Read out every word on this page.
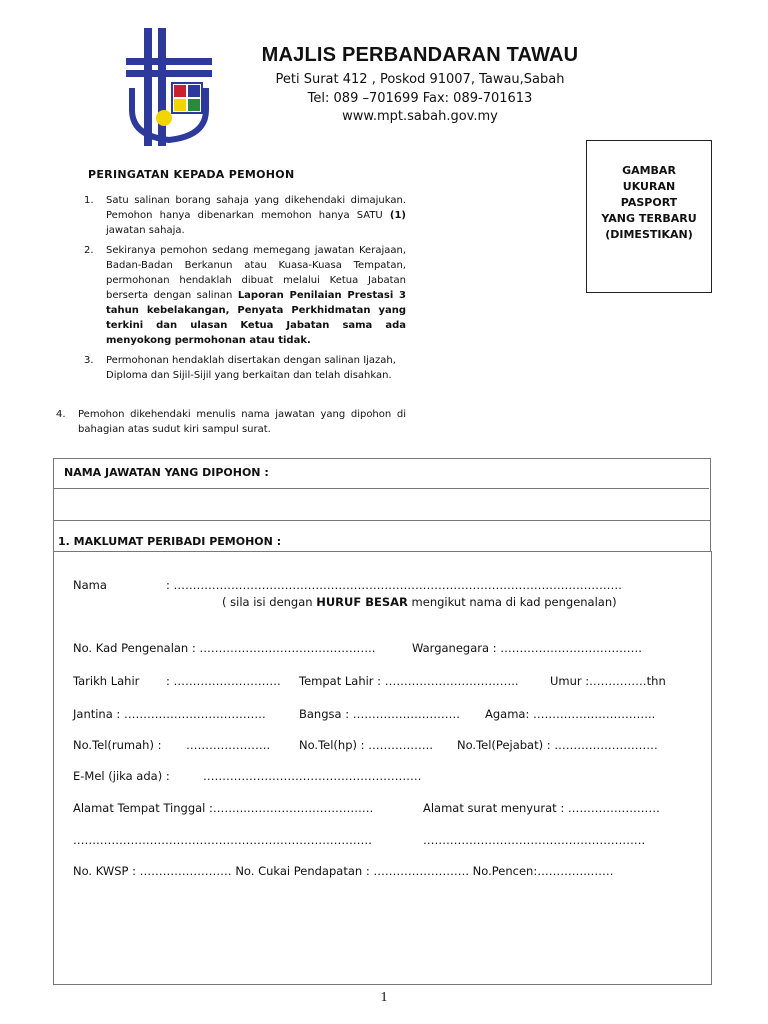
MAJLIS PERBANDARAN TAWAU
Peti Surat 412 , Poskod 91007, Tawau,Sabah
Tel: 089 –701699 Fax: 089-701613
www.mpt.sabah.gov.my
GAMBAR
UKURAN
PASPORT
YANG TERBARU
(DIMESTIKAN)
PERINGATAN KEPADA PEMOHON
1. Satu salinan borang sahaja yang dikehendaki dimajukan. Pemohon hanya dibenarkan memohon hanya SATU (1) jawatan sahaja.
2. Sekiranya pemohon sedang memegang jawatan Kerajaan, Badan-Badan Berkanun atau Kuasa-Kuasa Tempatan, permohonan hendaklah dibuat melalui Ketua Jabatan berserta dengan salinan Laporan Penilaian Prestasi 3 tahun kebelakangan, Penyata Perkhidmatan yang terkini dan ulasan Ketua Jabatan sama ada menyokong permohonan atau tidak.
3. Permohonan hendaklah disertakan dengan salinan Ijazah, Diploma dan Sijil-Sijil yang berkaitan dan telah disahkan.
4. Pemohon dikehendaki menulis nama jawatan yang dipohon di bahagian atas sudut kiri sampul surat.
NAMA JAWATAN YANG DIPOHON :
1. MAKLUMAT PERIBADI PEMOHON :
Nama	: ………………………………………………………………………………………………………
( sila isi dengan HURUF BESAR mengikut nama di kad pengenalan)
No. Kad Pengenalan : ……………………………………….	Warganegara : ……………………………….
Tarikh Lahir : ………………………. Tempat Lahir : ……………………………..	Umur :……………thn
Jantina : ……………………………….	Bangsa : ………………………. Agama: …………………………..
No.Tel(rumah) : ………………….	No.Tel(hp) : …………….. No.Tel(Pejabat) : ………………………
E-Mel (jika ada) :	…………………………………………………
Alamat Tempat Tinggal :……...……………………………	Alamat surat menyurat : ……………………
……………………………………………………………………	………………………………………………….
No. KWSP : …………………… No. Cukai Pendapatan : ……………………. No.Pencen:…………..……
1
